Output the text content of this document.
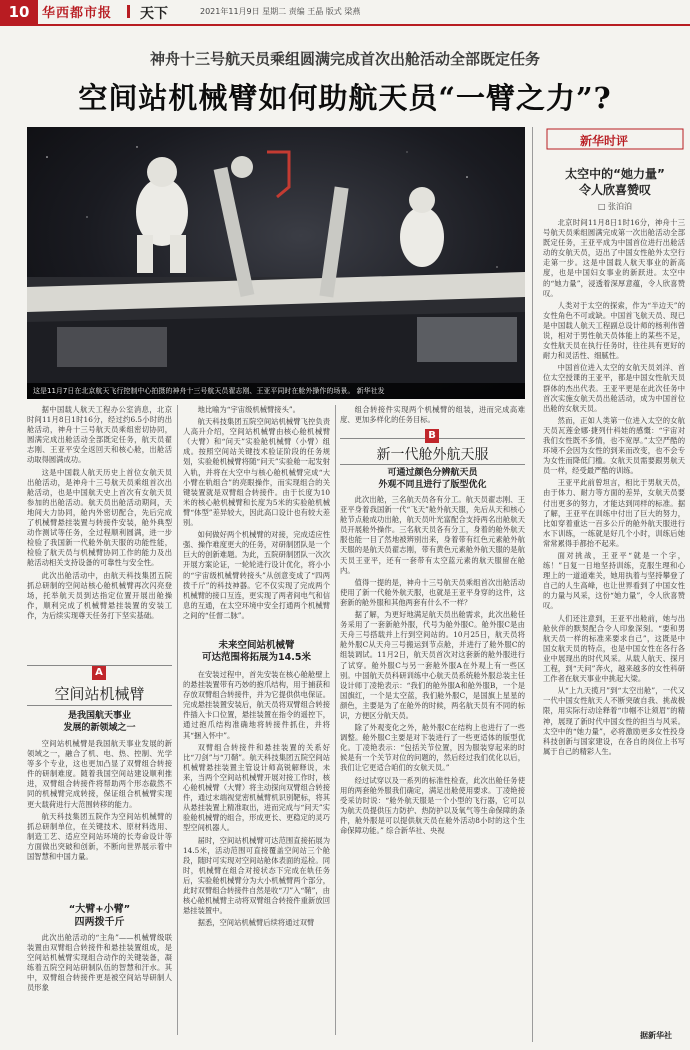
10 华西都市报 天下	2021年11月9日 星期二 责编 王晶 版式 梁燕
神舟十三号航天员乘组圆满完成首次出舱活动全部既定任务
空间站机械臂如何助航天员“一臂之力”?
这是11月7日在北京航天飞行控制中心拍摄的神舟十三号航天员翟志刚、王亚平同时在舱外操作的场景。 新华社发
新华时评
太空中的“她力量”
令人欣喜赞叹
□ 张泊泊

北京时间11月8日1时16分，神舟十三号航天员乘组圆满完成第一次出舱活动全部既定任务，王亚平成为中国首位进行出舱活动的女航天员，迈出了中国女性舱外太空行走第一步。这是中国载人航天事业的新高度，也是中国妇女事业的新跃进。太空中的“她力量”，浸透着深厚意蕴，令人欣喜赞叹。

人类对于太空的探索，作为“半边天”的女性角色不可或缺。中国首飞航天员、现已是中国载人航天工程副总设计师的杨利伟曾说，相对于男性航天员体能上的某些不足，女性航天员在执行任务时，往往具有更好的耐力和灵活性、细腻性。

中国首位进入太空的女航天员刘洋、首位太空授课的王亚平，都是中国女性航天员群体的杰出代表。王亚平更是在此次任务中首次实施女航天员出舱活动，成为中国首位出舱的女航天员。

然而，正如人类第一位进入太空的女航天员瓦莲金娜·捷列什科娃的感慨：“宇宙对我们女性既不多情，也不宽厚。”太空严酷的环境不会因为女性的到来而改变，也不会专为女性而降低门槛。女航天员需要跟男航天员一样，经受最严酷的训练。

王亚平此前曾坦言，相比于男航天员，由于体力、耐力等方面的差异，女航天员要付出更多的努力，才能达到同样的标准。据了解，王亚平在训练中付出了巨大的努力，比如穿着重达一百多公斤的舱外航天服进行水下训练，一练就是好几个小时，训练后她常常累得手都抬不起来。

面对挑战，王亚平“就是一个字，练！”日复一日地坚持训练，克服生理和心理上的一道道难关，她用执着与坚持攀登了自己的人生高峰，也让世界看到了中国女性的力量与风采，这份“她力量”，令人欣喜赞叹。

人们还注意到，王亚平出舱前，她与出舱伙伴的默契配合令人印象深刻。“要和男航天员一样的标准来要求自己”，这既是中国女航天员的特点，也是中国女性在各行各业中展现出的时代风采。从载人航天、探月工程，到“天问”奔火，越来越多的女性科研工作者在航天事业中挑起大梁。

从“上九天揽月”到“太空出舱”，一代又一代中国女性航天人不断突破自我、挑战极限，用实际行动诠释着“巾帼不让须眉”的精神，展现了新时代中国女性的担当与风采。太空中的“她力量”，必将激励更多女性投身科技创新与国家建设，在各自的岗位上书写属于自己的精彩人生。

据新华社

据中国载人航天工程办公室消息，北京时间11月8日1时16分，经过约6.5小时的出舱活动，神舟十三号航天员乘组密切协同，圆满完成出舱活动全部既定任务，航天员翟志刚、王亚平安全返回天和核心舱，出舱活动取得圆满成功。

这是中国载人航天历史上首位女航天员出舱活动，是神舟十三号航天员乘组首次出舱活动，也是中国航天史上首次有女航天员参加的出舱活动。航天员出舱活动期间，天地间大力协同，舱内外密切配合，先后完成了机械臂悬挂装置与转接件安装，舱外典型动作测试等任务，全过程顺利圆满，进一步检验了我国新一代舱外航天服的功能性能，检验了航天员与机械臂协同工作的能力及出舱活动相关支持设备的可靠性与安全性。

此次出舱活动中，由航天科技集团五院抓总研制的空间站核心舱机械臂再次闪亮登场，托举航天员到达指定位置开展出舱操作，顺利完成了机械臂悬挂装置的安装工作，为后续实现尊天任务打下坚实基础。

A
空间站机械臂
是我国航天事业
发展的新领域之一

空间站机械臂是我国航天事业发展的新领域之一，融合了机、电、热、控制、光学等多个专业，这也更加凸显了双臂组合转接件的研制难度。随着我国空间站建设顺利推进，双臂组合转接件将帮助两个形态截然不同的机械臂完成转接，保证组合机械臂实现更大载荷进行大范围转移的能力。

航天科技集团五院作为空间站机械臂的抓总研制单位，在关键技术、原材料选用、制造工艺、适应空间站环境的长寿命设计等方面做出突破和创新，不断向世界展示着中国智慧和中国力量。

“大臂+小臂”
四两拨千斤

此次出舱活动的“主角”——机械臂级联装置由双臂组合转接件和悬挂装置组成，是空间站机械臂实现组合动作的关键装备，凝练着五院空间站研制队伍的智慧和汗水。其中，双臂组合转接件更是被空间站导研制人员形象

地比喻为“宇宙级机械臂接头”。

航天科技集团五院空间站机械臂飞控负责人高升介绍，空间站机械臂由核心舱机械臂（大臂）和“问天”实验舱机械臂（小臂）组成。按照空间站关键技术验证阶段的任务规划，实验舱机械臂将随“问天”实验舱一起发射入轨，并将在大空中与核心舱机械臂完成“大小臂在轨组合”的亮眼操作，而实现组合的关键装置就是双臂组合转接件。由于长度为10米的核心舱机械臂和长度为5米的实验舱机械臂“体型”差异较大，因此高口设计也有较大差别。

如何做好两个机械臂的对接，完成适应性强、操作难度更大的任务，对研制团队是一个巨大的创新难题。为此，五院研制团队一次次开展方案论证，一轮轮进行设计优化，将小小的“宇宙级机械臂转接头”从创意变成了“四两拨千斤”的科技神器。它不仅实现了完成两个机械臂的接口互连，更实现了两者间电气和信息的互通，在太空环境中安全打通两个机械臂之间的“任督二脉”。

未来空间站机械臂
可达范围将拓展为14.5米

在安装过程中，首先安装在核心舱舱壁上的悬挂装置带有巧妙的抱爪结构，用于捕获和存放双臂组合转接件，并为它提供供电保证。完成悬挂装置安装后，航天员将双臂组合转接件插入卡口位置，悬挂装置在指令的遥控下，通过抱爪结构准确地将转接件抓住，并将其“捆入怀中”。

双臂组合转接件和悬挂装置的关系好比“刀剑”与“刀鞘”。航天科技集团五院空间站机械臂悬挂装置主管设计师高锐解释说，未来，当两个空间站机械臂开展对接工作时，核心舱机械臂（大臂）将主动探向双臂组合转接件，通过末端视觉密机械臂机识别靶标，将其从悬挂装置上精准取出，进而完成与“问天”实验舱机械臂的组合，形成更长、更稳定的灵巧型空间机器人。

届时，空间站机械臂可达范围直接拓展为14.5米，活动范围可直接覆盖空间站三个舱段，随时可实现对空间站舱体表面的巡检。同时，机械臂在组合对接状态下完成在轨任务后，实验舱机械臂分为大小机械臂两个部分，此时双臂组合转接件自然是收“刀”入“鞘”，由核心舱机械臂主动将双臂组合转接件重新放回悬挂装置中。

据悉，空间站机械臂后续将通过双臂

组合转接件实现两个机械臂的组装，进而完成高难度、更加多样化的任务目标。

B
新一代舱外航天服
可通过颜色分辨航天员
外观不同且进行了版型优化

此次出舱，三名航天员各有分工。航天员翟志刚、王亚平身着我国新一代“飞天”舱外航天服，先后从天和核心舱节点舱成功出舱，航天员叶光富配合支持两名出舱航天员开展舱外操作。三名航天员各有分工，身着的舱外航天服也能一目了然地被辨别出来，身着带有红色元素舱外航天服的是航天员翟志刚，带有黄色元素舱外航天服的是航天员王亚平，还有一套带有太空蓝元素的航天服留在舱内。

值得一提的是，神舟十三号航天员乘组首次出舱活动使用了新一代舱外航天服，也就是王亚平身穿的这件，这套新的舱外服和其他两套有什么不一样？

据了解，为更好地满足航天员出舱需求，此次出舱任务采用了一套新舱外服，代号为舱外服C。舱外服C是由天舟三号搭载并上行到空间站的。10月25日，航天员将舱外服C从天舟三号搬运到节点舱，并进行了舱外服C的组装调试。11月2日，航天员首次对这套新的舱外服进行了试穿。舱外服C与另一套舱外服A在外观上有一些区别。中国航天员科研训练中心航天员系统舱外服总装主任设计师丁凌艳表示：“我们的舱外服A和舱外服B，一个是国旗红，一个是太空蓝，我们舱外服C，是国旗上星星的颜色，主要是为了在舱外的时候，两名航天员有不同的标识，方便区分航天员。

除了外观变化之外，舱外服C在结构上也进行了一些调整。舱外服C主要是对下装进行了一些更适体的版型优化。丁凌艳表示：“包括关节位置，因为服装穿起来的时候是有一个关节对位的问题的，然后经过我们优化以后，我们让它更适合咱们的女航天员。”

经过试穿以及一系列的标准性检查，此次出舱任务使用的两套舱外服我们确定，满足出舱使用要求。丁凌艳接受采访时说：“舱外航天服是一个小型的飞行器，它可以为航天员提供压力防护、热防护以及氧气等生命保障的条件，舱外服是可以提供航天员在舱外活动8小时的这个生命保障功能。” 综合新华社、央视
